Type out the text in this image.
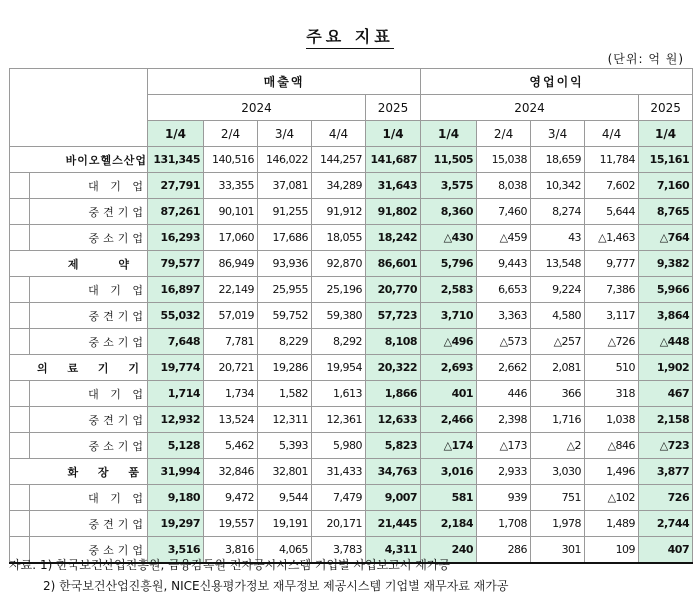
주요 지표
(단위: 억 원)
		매출액					영업이익				
		2024				2025	2024				2025
		1/4	2/4	3/4	4/4	1/4	1/4	2/4	3/4	4/4	1/4
바이오헬스산업		131,345	140,516	146,022	144,257	141,687	11,505	15,038	18,659	11,784	15,161
	대 기 업	27,791	33,355	37,081	34,289	31,643	3,575	8,038	10,342	7,602	7,160
	중견기업	87,261	90,101	91,255	91,912	91,802	8,360	7,460	8,274	5,644	8,765
	중소기업	16,293	17,060	17,686	18,055	18,242	△430	△459	43	△1,463	△764
제 약		79,577	86,949	93,936	92,870	86,601	5,796	9,443	13,548	9,777	9,382
	대 기 업	16,897	22,149	25,955	25,196	20,770	2,583	6,653	9,224	7,386	5,966
	중견기업	55,032	57,019	59,752	59,380	57,723	3,710	3,363	4,580	3,117	3,864
	중소기업	7,648	7,781	8,229	8,292	8,108	△496	△573	△257	△726	△448
의 료 기 기		19,774	20,721	19,286	19,954	20,322	2,693	2,662	2,081	510	1,902
	대 기 업	1,714	1,734	1,582	1,613	1,866	401	446	366	318	467
	중견기업	12,932	13,524	12,311	12,361	12,633	2,466	2,398	1,716	1,038	2,158
	중소기업	5,128	5,462	5,393	5,980	5,823	△174	△173	△2	△846	△723
화 장 품		31,994	32,846	32,801	31,433	34,763	3,016	2,933	3,030	1,496	3,877
	대 기 업	9,180	9,472	9,544	7,479	9,007	581	939	751	△102	726
	중견기업	19,297	19,557	19,191	20,171	21,445	2,184	1,708	1,978	1,489	2,744
	중소기업	3,516	3,816	4,065	3,783	4,311	240	286	301	109	407
자료: 1) 한국보건산업진흥원, 금융감독원 전자공시시스템 기업별 사업보고서 재가공
2) 한국보건산업진흥원, NICE신용평가정보 재무정보 제공시스템 기업별 재무자료 재가공
